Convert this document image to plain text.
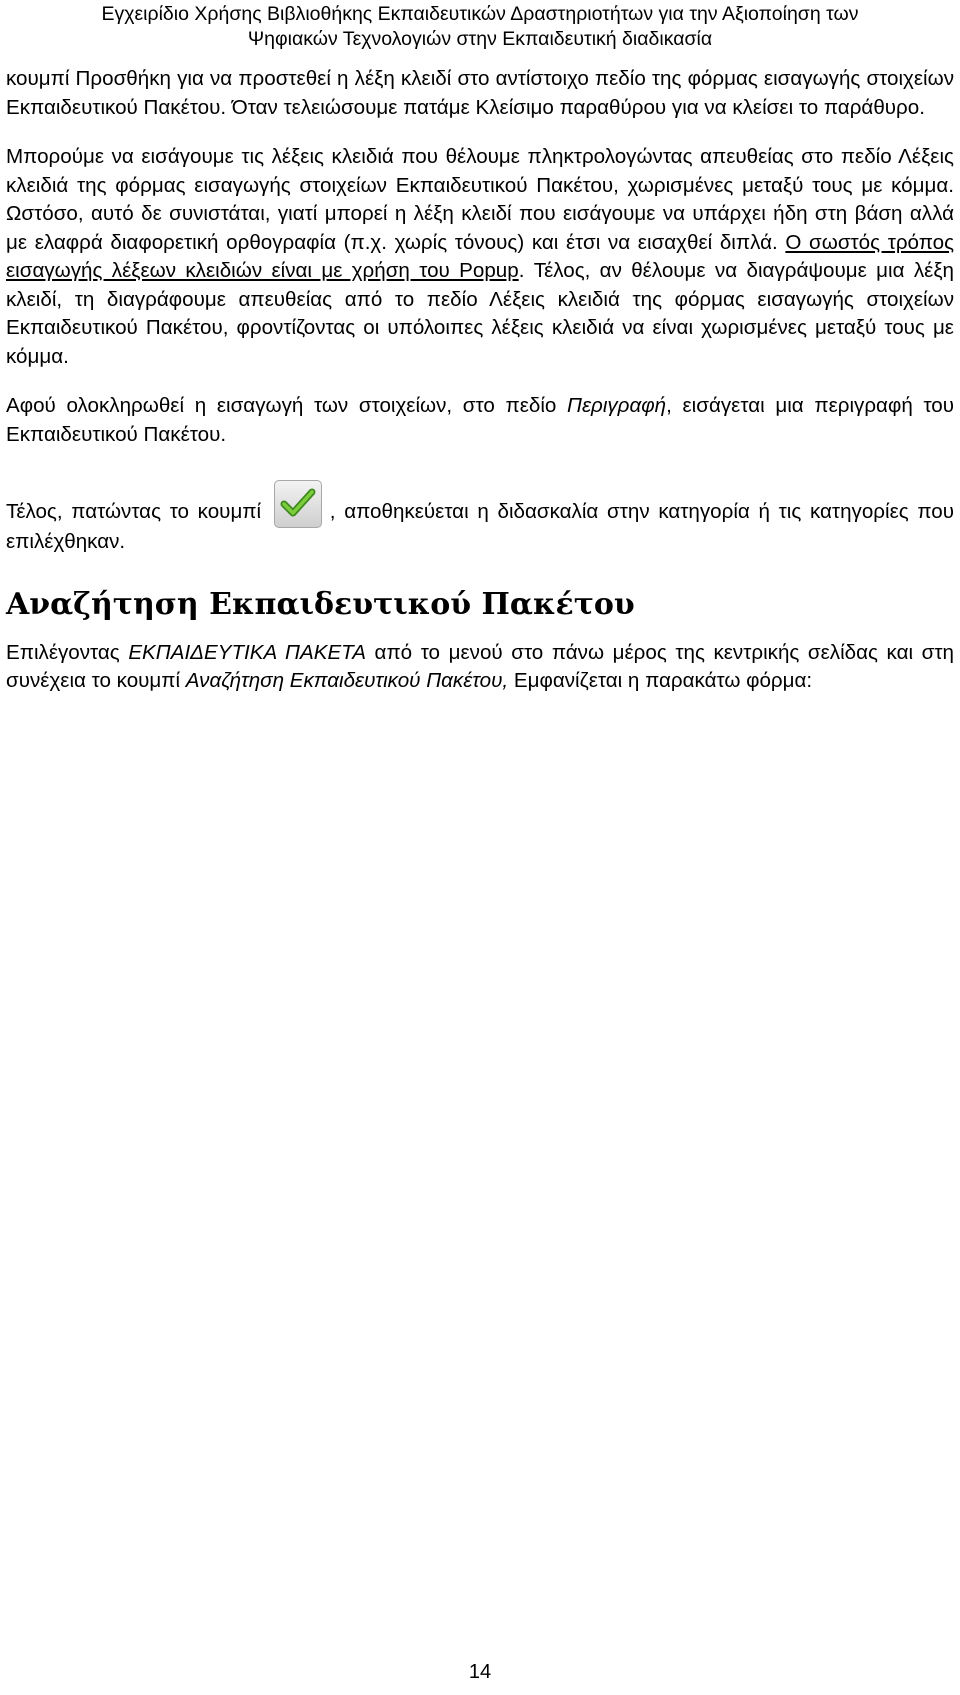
Εγχειρίδιο Χρήσης Βιβλιοθήκης Εκπαιδευτικών Δραστηριοτήτων για την Αξιοποίηση των
Ψηφιακών Τεχνολογιών στην Εκπαιδευτική διαδικασία

κουμπί Προσθήκη για να προστεθεί η λέξη κλειδί στο αντίστοιχο πεδίο της φόρμας εισαγωγής στοιχείων Εκπαιδευτικού Πακέτου. Όταν τελειώσουμε πατάμε Κλείσιμο παραθύρου για να κλείσει το παράθυρο.

Μπορούμε να εισάγουμε τις λέξεις κλειδιά που θέλουμε πληκτρολογώντας απευθείας στο πεδίο Λέξεις κλειδιά της φόρμας εισαγωγής στοιχείων Εκπαιδευτικού Πακέτου, χωρισμένες μεταξύ τους με κόμμα. Ωστόσο, αυτό δε συνιστάται, γιατί μπορεί η λέξη κλειδί που εισάγουμε να υπάρχει ήδη στη βάση αλλά με ελαφρά διαφορετική ορθογραφία (π.χ. χωρίς τόνους) και έτσι να εισαχθεί διπλά. Ο σωστός τρόπος εισαγωγής λέξεων κλειδιών είναι με χρήση του Popup. Τέλος, αν θέλουμε να διαγράψουμε μια λέξη κλειδί, τη διαγράφουμε απευθείας από το πεδίο Λέξεις κλειδιά της φόρμας εισαγωγής στοιχείων Εκπαιδευτικού Πακέτου, φροντίζοντας οι υπόλοιπες λέξεις κλειδιά να είναι χωρισμένες μεταξύ τους με κόμμα.

Αφού ολοκληρωθεί η εισαγωγή των στοιχείων, στο πεδίο Περιγραφή, εισάγεται μια περιγραφή του Εκπαιδευτικού Πακέτου.

Τέλος, πατώντας το κουμπί	, αποθηκεύεται η διδασκαλία στην κατηγορία ή τις κατηγορίες που επιλέχθηκαν.

Αναζήτηση Εκπαιδευτικού Πακέτου

Επιλέγοντας ΕΚΠΑΙΔΕΥΤΙΚΑ ΠΑΚΕΤΑ από το μενού στο πάνω μέρος της κεντρικής σελίδας και στη συνέχεια το κουμπί Αναζήτηση Εκπαιδευτικού Πακέτου, Εμφανίζεται η παρακάτω φόρμα:

14
